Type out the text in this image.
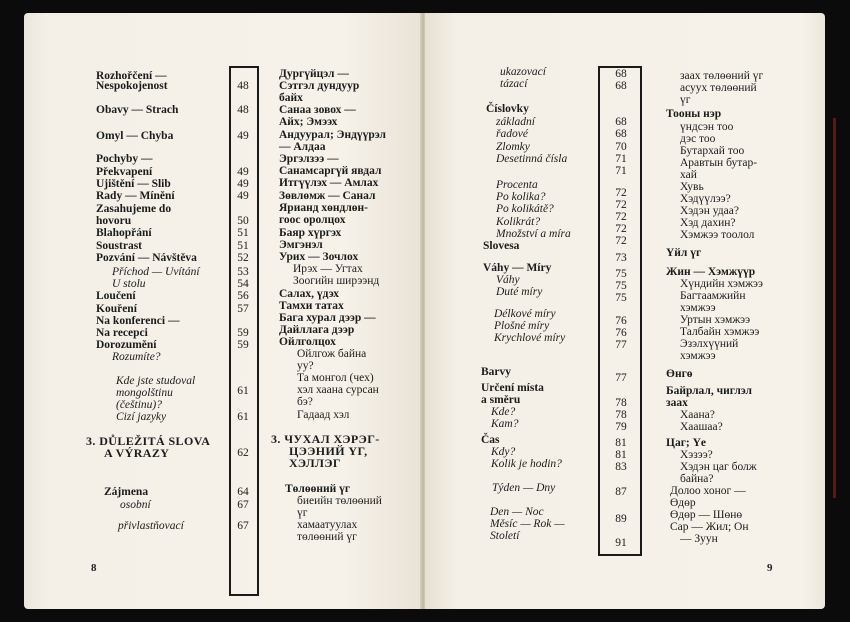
Rozhořčení —
Nespokojenost
Obavy — Strach
Omyl — Chyba
Pochyby —
Překvapení
Ujištění — Slib
Rady — Mínění
Zasahujeme do
hovoru
Blahopřání
Soustrast
Pozvání — Návštěva
Příchod — Uvítání
U stolu
Loučení
Kouření
Na konferenci —
Na recepci
Dorozumění
Rozumíte?
Kde jste studoval
mongolštinu
(češtinu)?
Cizí jazyky
3. DŮLEŽITÁ SLOVA
A VÝRAZY
Zájmena
osobní
přivlastňovací
48
48
49
49
49
49
50
51
51
52
53
54
56
57
59
59
61
61
62
64
67
67
Дургүйцэл —
Сэтгэл дундуур
байх
Санаа зовох —
Айх; Эмээх
Андуурал; Эндүүрэл
— Алдаа
Эргэлзээ —
Санамсаргүй явдал
Итгүүлэх — Амлах
Зөвлөмж — Санал
Ярианд хөндлөн-
гоос оролцох
Баяр хүргэх
Эмгэнэл
Урих — Зочлох
Ирэх — Угтах
Зоогийн ширээнд
Салах, үдэх
Тамхи татах
Бага хурал дээр —
Дайллага дээр
Ойлголцох
Ойлгож байна
уу?
Та монгол (чех)
хэл хаана сурсан
бэ?
Гадаад хэл
3. ЧУХАЛ ХЭРЭГ-
ЦЭЭНИЙ ҮГ,
ХЭЛЛЭГ
Төлөөний үг
биеийн төлөөний
үг
хамаатуулах
төлөөний үг
8
ukazovací
tázací
Číslovky
základní
řadové
Zlomky
Desetinná čísla
Procenta
Po kolika?
Po kolikátě?
Kolikrát?
Množství a míra
Slovesa
Váhy — Míry
Váhy
Duté míry
Délkové míry
Plošné míry
Krychlové míry
Barvy
Určení místa
a směru
Kde?
Kam?
Čas
Kdy?
Kolik je hodin?
Týden — Dny
Den — Noc
Měsíc — Rok —
Století
68
68
68
68
70
71
71
72
72
72
72
72
73
75
75
75
76
76
77
77
78
78
79
81
81
83
87
89
91
заах төлөөний үг
асуух төлөөний
үг
Тооны нэр
үндсэн тоо
дэс тоо
Бутархай тоо
Аравтын бутар-
хай
Хувь
Хэдүүлээ?
Хэдэн удаа?
Хэд дахин?
Хэмжээ тоолол
Үйл үг
Жин — Хэмжүүр
Хүндийн хэмжээ
Багтаамжийн
хэмжээ
Уртын хэмжээ
Талбайн хэмжээ
Эзэлхүүний
хэмжээ
Өнгө
Байрлал, чиглэл
заах
Хаана?
Хаашаа?
Цаг; Үе
Хэзээ?
Хэдэн цаг болж
байна?
Долоо хоног —
Өдөр
Өдөр — Шөнө
Сар — Жил; Он
— Зуун
9
